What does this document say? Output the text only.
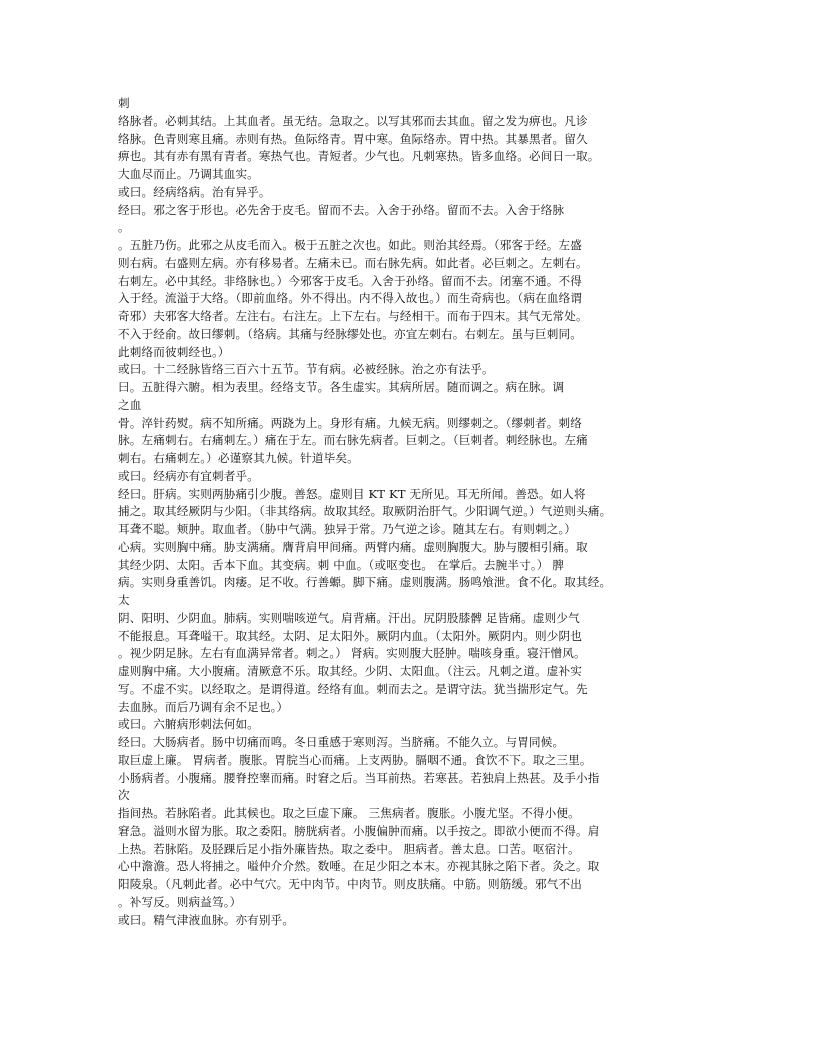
刺
络脉者。必刺其结。上其血者。虽无结。急取之。以写其邪而去其血。留之发为痹也。凡诊
络脉。色青则寒且痛。赤则有热。鱼际络青。胃中寒。鱼际络赤。胃中热。其暴黑者。留久
痹也。其有赤有黑有青者。寒热气也。青短者。少气也。凡刺寒热。皆多血络。必间日一取。
大血尽而止。乃调其血实。
或曰。经病络病。治有异乎。
经曰。邪之客于形也。必先舍于皮毛。留而不去。入舍于孙络。留而不去。入舍于络脉
。
。五脏乃伤。此邪之从皮毛而入。极于五脏之次也。如此。则治其经焉。（邪客于经。左盛
则右病。右盛则左病。亦有移易者。左痛未已。而右脉先病。如此者。必巨刺之。左刺右。
右刺左。必中其经。非络脉也。）今邪客于皮毛。入舍于孙络。留而不去。闭塞不通。不得
入于经。流溢于大络。（即前血络。外不得出。内不得入故也。）而生奇病也。（病在血络谓
奇邪）夫邪客大络者。左注右。右注左。上下左右。与经相干。而布于四末。其气无常处。
不入于经俞。故曰缪刺。（络病。其痛与经脉缪处也。亦宜左刺右。右刺左。虽与巨刺同。
此刺络而彼刺经也。）
或曰。十二经脉皆络三百六十五节。节有病。必被经脉。治之亦有法乎。
曰。五脏得六腑。相为表里。经络支节。各生虚实。其病所居。随而调之。病在脉。调
之血
骨。淬针药熨。病不知所痛。两跷为上。身形有痛。九候无病。则缪刺之。（缪刺者。刺络
脉。左痛刺右。右痛刺左。）痛在于左。而右脉先病者。巨刺之。（巨刺者。刺经脉也。左痛
刺右。右痛刺左。）必谨察其九候。针道毕矣。
或曰。经病亦有宜刺者乎。
经曰。肝病。实则两胁痛引少腹。善怒。虚则目 KT KT 无所见。耳无所闻。善恐。如人将
捕之。取其经厥阴与少阳。（非其络病。故取其经。取厥阴治肝气。少阳调气逆。）气逆则头痛。
耳聋不聪。颊肿。取血者。（胁中气满。独异于常。乃气逆之诊。随其左右。有则刺之。）
心病。实则胸中痛。胁支满痛。膺背肩甲间痛。两臂内痛。虚则胸腹大。胁与腰相引痛。取
其经少阴、太阳。舌本下血。其变病。刺 中血。（或呕变也。 在掌后。去腕半寸。） 脾
病。实则身重善饥。肉痿。足不收。行善螈。脚下痛。虚则腹满。肠鸣飧泄。食不化。取其经。
太
阴、阳明、少阴血。肺病。实则喘咳逆气。肩背痛。汗出。尻阴股膝髀 足皆痛。虚则少气
不能报息。耳聋嗌干。取其经。太阴、足太阳外。厥阴内血。（太阳外。厥阴内。则少阴也
。视少阴足脉。左右有血满异常者。刺之。） 肾病。实则腹大胫肿。喘咳身重。寝汗憎风。
虚则胸中痛。大小腹痛。清厥意不乐。取其经。少阴、太阳血。（注云。凡刺之道。虚补实
写。不虚不实。以经取之。是谓得道。经络有血。刺而去之。是谓守法。犹当揣形定气。先
去血脉。而后乃调有余不足也。）
或曰。六腑病形刺法何如。
经曰。大肠病者。肠中切痛而鸣。冬日重感于寒则泻。当脐痛。不能久立。与胃同候。
取巨虚上廉。 胃病者。腹胀。胃脘当心而痛。上支两胁。膈咽不通。食饮不下。取之三里。
小肠病者。小腹痛。腰脊控睾而痛。时窘之后。当耳前热。若寒甚。若独肩上热甚。及手小指
次
指间热。若脉陷者。此其候也。取之巨虚下廉。 三焦病者。腹胀。小腹尤坚。不得小便。
窘急。溢则水留为胀。取之委阳。膀胱病者。小腹偏肿而痛。以手按之。即欲小便而不得。肩
上热。若脉陷。及胫踝后足小指外廉皆热。取之委中。 胆病者。善太息。口苦。呕宿汁。
心中澹澹。恐人将捕之。嗌仲介介然。数唾。在足少阳之本末。亦视其脉之陷下者。灸之。取
阳陵泉。（凡刺此者。必中气穴。无中肉节。中肉节。则皮肤痛。中筋。则筋缓。邪气不出
。补写反。则病益笃。）
或曰。精气津液血脉。亦有别乎。
